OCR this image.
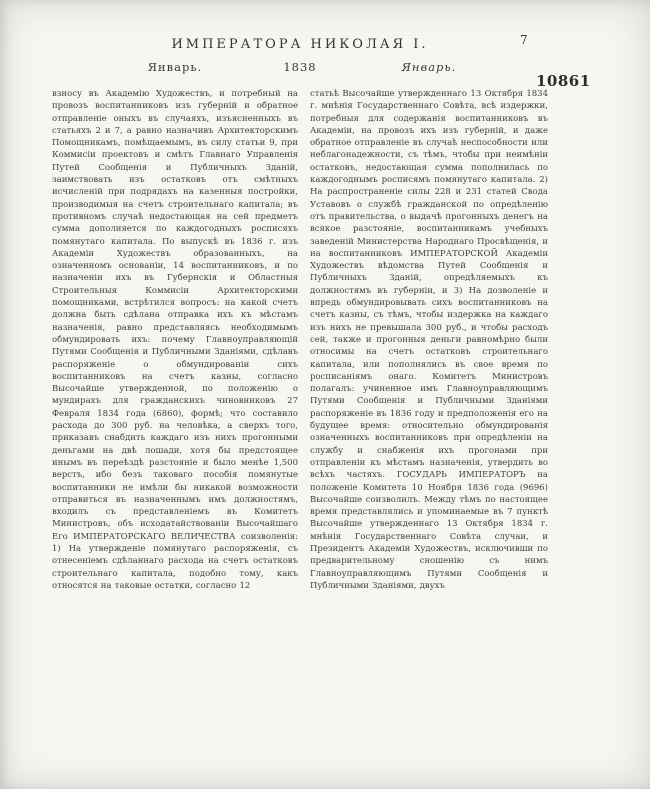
ИМПЕРАТОРА НИКОЛАЯ I.	7
Январь.	1838	Январь.
10861
взносу въ Академію Художествъ, и потребный на провозъ воспитанниковъ изъ губерній и обратное отправленіе оныхъ въ случаяхъ, изъясненныхъ въ статьяхъ 2 и 7, а равно назначивъ Архитекторскимъ Помощникамъ, помѣщаемымъ, въ силу статьи 9, при Коммисіи проектовъ и смѣтъ Главнаго Управленія Путей Сообщенія и Публичныхъ Зданій, заимствовать изъ остатковъ отъ смѣтныхъ исчисленій при подрядахъ на казенныя постройки, производимыя на счетъ строительнаго капитала; въ противномъ случаѣ недостающая на сей предметъ сумма дополняется по каждогодныхъ росписяхъ помянутаго капитала. По выпускѣ въ 1836 г. изъ Академіи Художествъ образованныхъ, на означенномъ основаніи, 14 воспитанниковъ, и по назначеніи ихъ въ Губернскія и Областныя Строительныя Коммисіи Архитекторскими помощниками, встрѣтился вопросъ: на какой счетъ должна быть сдѣлана отправка ихъ къ мѣстамъ назначенія, равно представляясь необходимымъ обмундировать ихъ: почему Главноуправляющій Путями Сообщенія и Публичными Зданіями, сдѣлавъ распоряженіе о обмундированіи сихъ воспитанниковъ на счетъ казны, согласно Высочайше утвержденной, по положенію о мундирахъ для гражданскихъ чиновниковъ 27 Февраля 1834 года (6860), формѣ; что составило расхода до 300 руб. на человѣка, а сверхъ того, приказавъ снабдить каждаго изъ нихъ прогонными деньгами на двѣ лошади, хотя бы предстоящее инымъ въ переѣздѣ разстояніе и было менѣе 1,500 верстъ, ибо безъ таковаго пособія помянутые воспитанники не имѣли бы никакой возможности отправиться въ назначеннымъ имъ должностямъ, входилъ съ представленіемъ въ Комитетъ Министровъ, объ исходатайствованіи Высочайшаго Его ИМПЕРАТОРСКАГО ВЕЛИЧЕСТВА соизволенія: 1) На утвержденіе помянутаго распоряженія, съ отнесеніемъ сдѣланнаго расхода на счетъ остатковъ строительнаго капитала, подобно тому, какъ относятся на таковые остатки, согласно 12
статьѣ Высочайше утвержденнаго 13 Октября 1834 г. мнѣнія Государственнаго Совѣта, всѣ издержки, потребныя для содержанія воспитанниковъ въ Академіи, на провозъ ихъ изъ губерній, и даже обратное отправленіе въ случаѣ неспособности или неблагонадежности, съ тѣмъ, чтобы при неимѣніи остатковъ, недостающая сумма пополнилась по каждогоднымъ росписямъ помянутаго капитала. 2) На распространеніе силы 228 и 231 статей Свода Уставовъ о службѣ гражданской по опредѣленію отъ правительства, о выдачѣ прогонныхъ денегъ на всякое разстояніе, воспитанникамъ учебныхъ заведеній Министерства Народнаго Просвѣщенія, и на воспитанниковъ ИМПЕРАТОРСКОЙ Академіи Художествъ вѣдомства Путей Сообщенія и Публичныхъ Зданій, опредѣляемыхъ къ должностямъ въ губерніи, и 3) На дозволеніе и впредь обмундировывать сихъ воспитанниковъ на счетъ казны, съ тѣмъ, чтобы издержка на каждаго изъ нихъ не превышала 300 руб., и чтобы расходъ сей, также и прогонныя деньги равномѣрно были относимы на счетъ остатковъ строительнаго капитала, или пополнялись въ свое время по росписаніямъ онаго. Комитетъ Министровъ полагалъ: учиненное имъ Главноуправляющимъ Путями Сообщенія и Публичными Зданіями распоряженіе въ 1836 году и предположенія его на будущее время: относительно обмундированія означенныхъ воспитанниковъ при опредѣленіи на службу и снабженія ихъ прогонами при отправленіи къ мѣстамъ назначенія, утвердить во всѣхъ частяхъ. ГОСУДАРЬ ИМПЕРАТОРЪ на положеніе Комитета 10 Ноября 1836 года (9696) Высочайше соизволилъ. Между тѣмъ по настоящее время представлялись и упоминаемые въ 7 пунктѣ Высочайше утвержденнаго 13 Октября 1834 г. мнѣнія Государственнаго Совѣта случаи, и Президентъ Академіи Художествъ, исключивши по предварительному сношенію съ нимъ Главноуправляющимъ Путями Сообщенія и Публичными Зданіями, двухъ
